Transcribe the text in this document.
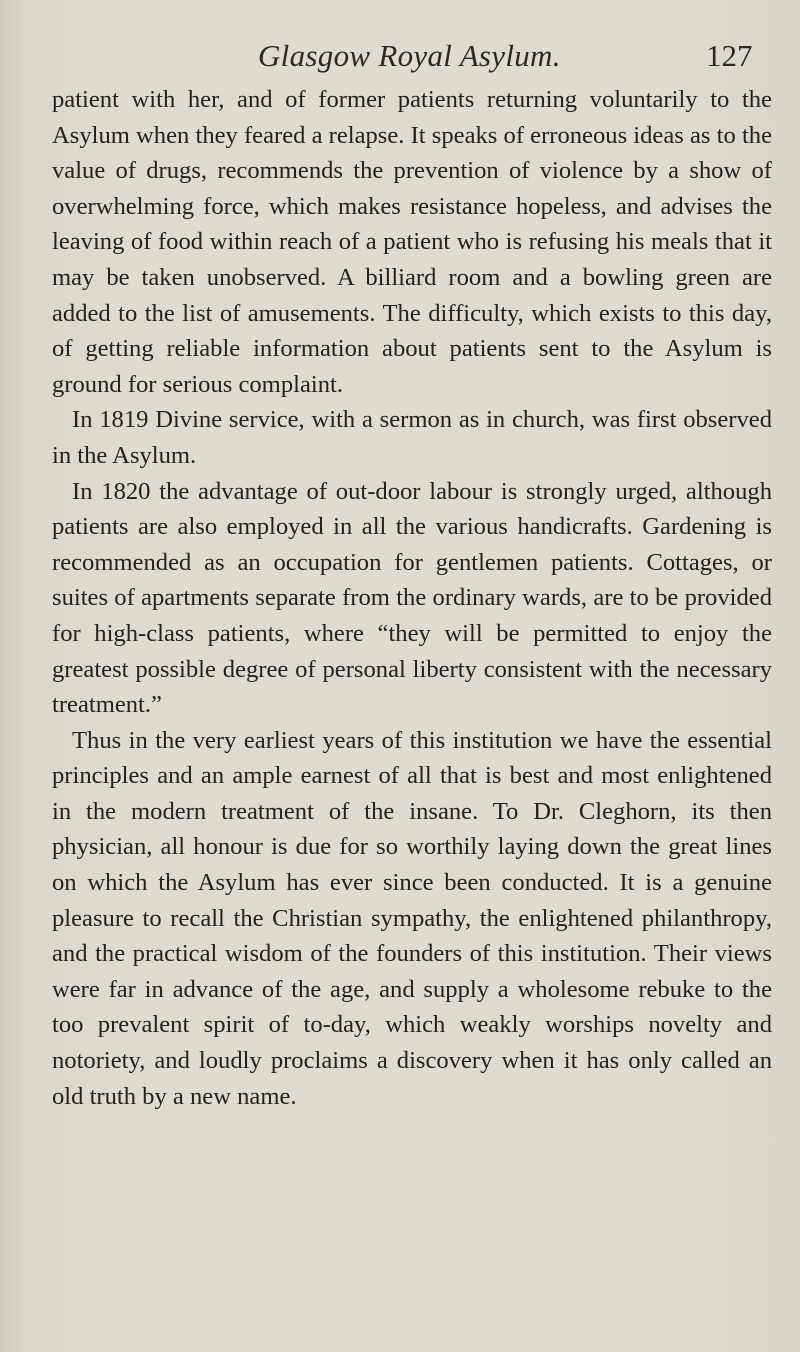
Glasgow Royal Asylum.	127

patient with her, and of former patients returning voluntarily to the Asylum when they feared a relapse. It speaks of erroneous ideas as to the value of drugs, recommends the prevention of violence by a show of overwhelming force, which makes resistance hopeless, and advises the leaving of food within reach of a patient who is refusing his meals that it may be taken unobserved. A billiard room and a bowling green are added to the list of amusements. The difficulty, which exists to this day, of getting reliable information about patients sent to the Asylum is ground for serious complaint.

In 1819 Divine service, with a sermon as in church, was first observed in the Asylum.

In 1820 the advantage of out-door labour is strongly urged, although patients are also employed in all the various handicrafts. Gardening is recommended as an occupation for gentlemen patients. Cottages, or suites of apartments separate from the ordinary wards, are to be provided for high-class patients, where “they will be permitted to enjoy the greatest possible degree of personal liberty consistent with the necessary treatment.”

Thus in the very earliest years of this institution we have the essential principles and an ample earnest of all that is best and most enlightened in the modern treatment of the insane. To Dr. Cleghorn, its then physician, all honour is due for so worthily laying down the great lines on which the Asylum has ever since been conducted. It is a genuine pleasure to recall the Christian sympathy, the enlightened philanthropy, and the practical wisdom of the founders of this institution. Their views were far in advance of the age, and supply a wholesome rebuke to the too prevalent spirit of to-day, which weakly worships novelty and notoriety, and loudly proclaims a discovery when it has only called an old truth by a new name.
